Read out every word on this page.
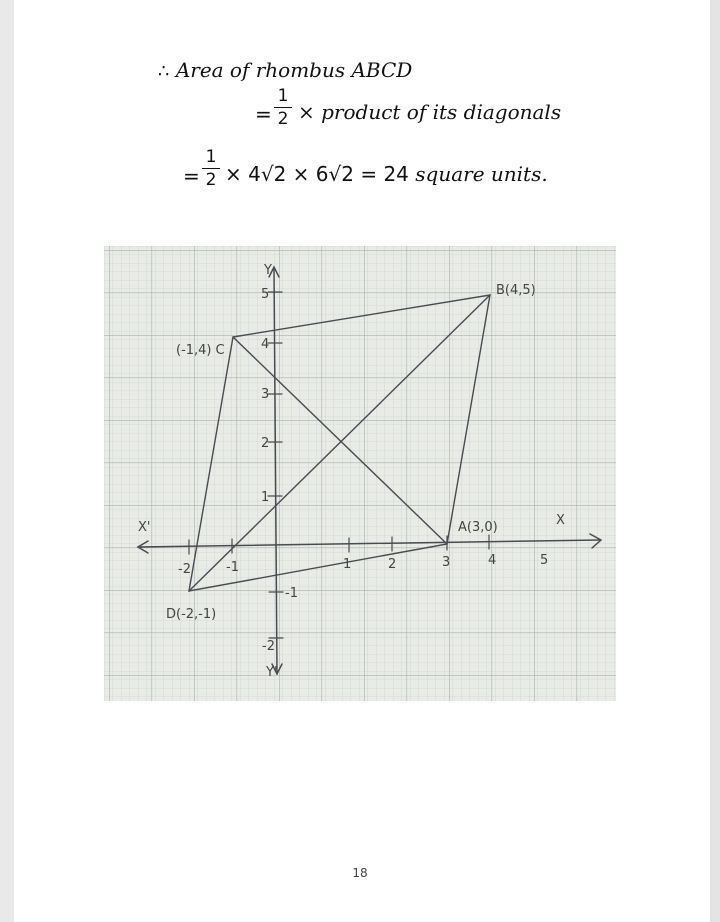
∴ Area of rhombus ABCD
=
1
2 × product of its diagonals
=
1
2 × 4√2 × 6√2 = 24 square units.
Y
Y'
X
X'
-2	-1	1	2	3	4	5
5
4
3
2
1
-1
-2
B(4,5)
(-1,4) C
A(3,0)
D(-2,-1)
18
